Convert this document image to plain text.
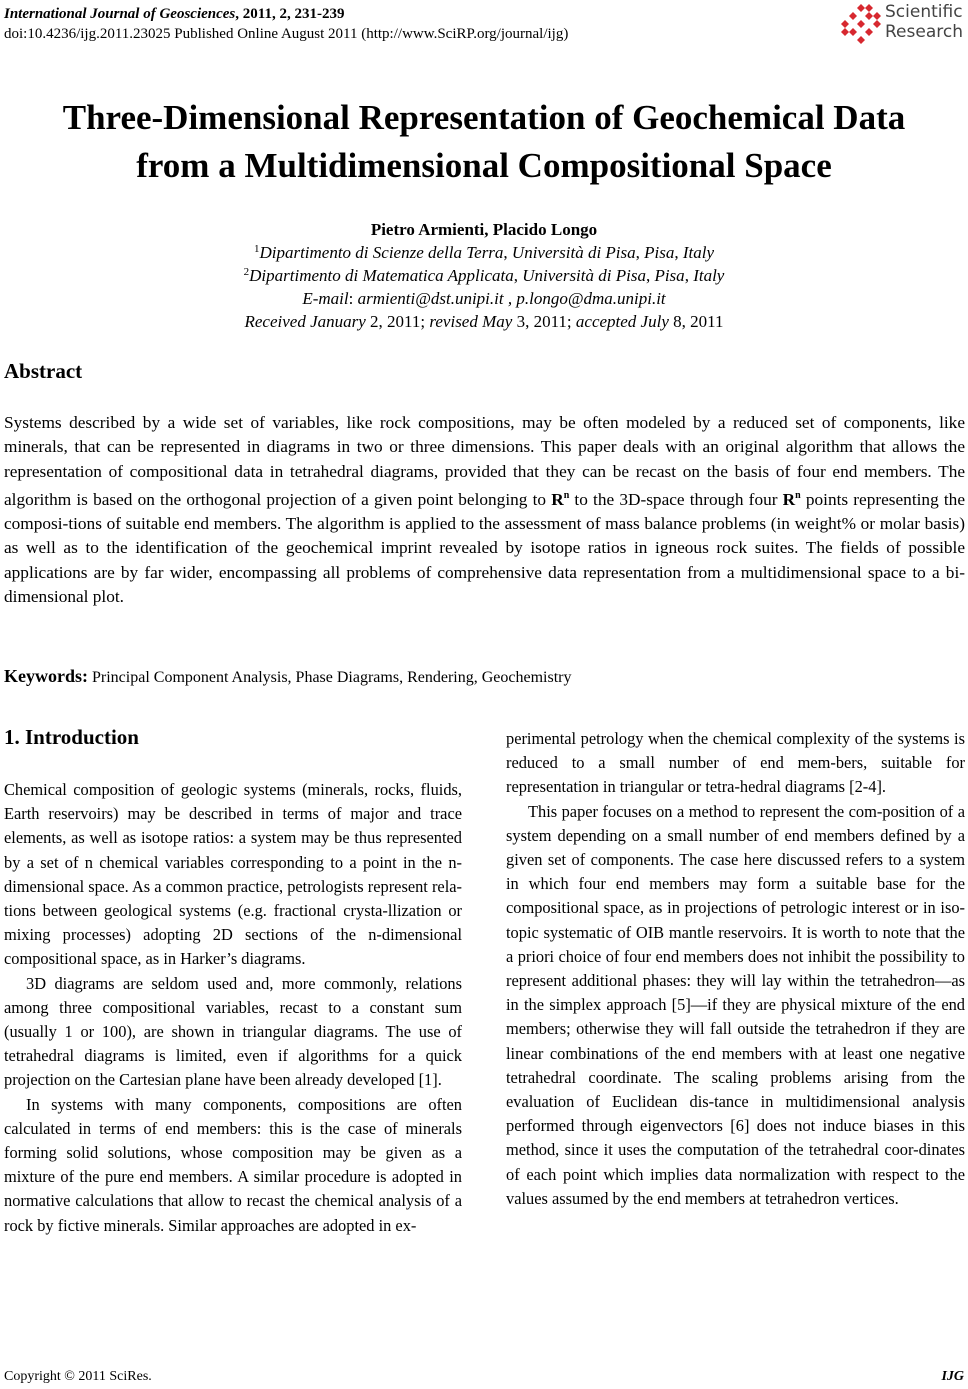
International Journal of Geosciences, 2011, 2, 231-239
doi:10.4236/ijg.2011.23025 Published Online August 2011 (http://www.SciRP.org/journal/ijg)
Scientific
Research
Three-Dimensional Representation of Geochemical Data
from a Multidimensional Compositional Space
Pietro Armienti, Placido Longo
$^1$Dipartimento di Scienze della Terra, Università di Pisa, Pisa, Italy
$^2$Dipartimento di Matematica Applicata, Università di Pisa, Pisa, Italy
E-mail: armienti@dst.unipi.it , p.longo@dma.unipi.it
Received January 2, 2011; revised May 3, 2011; accepted July 8, 2011
Abstract
Systems described by a wide set of variables, like rock compositions, may be often modeled by a reduced set of components, like minerals, that can be represented in diagrams in two or three dimensions. This paper deals with an original algorithm that allows the representation of compositional data in tetrahedral diagrams, provided that they can be recast on the basis of four end members. The algorithm is based on the orthogonal projection of a given point belonging to $R^n$ to the 3D-space through four $R^n$ points representing the composi-tions of suitable end members. The algorithm is applied to the assessment of mass balance problems (in weight% or molar basis) as well as to the identification of the geochemical imprint revealed by isotope ratios in igneous rock suites. The fields of possible applications are by far wider, encompassing all problems of comprehensive data representation from a multidimensional space to a bi-dimensional plot.
Keywords: Principal Component Analysis, Phase Diagrams, Rendering, Geochemistry
1. Introduction

Chemical composition of geologic systems (minerals, rocks, fluids, Earth reservoirs) may be described in terms of major and trace elements, as well as isotope ratios: a system may be thus represented by a set of n chemical variables corresponding to a point in the n-dimensional space. As a common practice, petrologists represent rela-tions between geological systems (e.g. fractional crysta-llization or mixing processes) adopting 2D sections of the n-dimensional compositional space, as in Harker’s diagrams.

3D diagrams are seldom used and, more commonly, relations among three compositional variables, recast to a constant sum (usually 1 or 100), are shown in triangular diagrams. The use of tetrahedral diagrams is limited, even if algorithms for a quick projection on the Cartesian plane have been already developed [1].

In systems with many components, compositions are often calculated in terms of end members: this is the case of minerals forming solid solutions, whose composition may be given as a mixture of the pure end members. A similar procedure is adopted in normative calculations that allow to recast the chemical analysis of a rock by fictive minerals. Similar approaches are adopted in ex-

perimental petrology when the chemical complexity of the systems is reduced to a small number of end mem-bers, suitable for representation in triangular or tetra-hedral diagrams [2-4].

This paper focuses on a method to represent the com-position of a system depending on a small number of end members defined by a given set of components. The case here discussed refers to a system in which four end members may form a suitable base for the compositional space, as in projections of petrologic interest or in iso-topic systematic of OIB mantle reservoirs. It is worth to note that the a priori choice of four end members does not inhibit the possibility to represent additional phases: they will lay within the tetrahedron—as in the simplex approach [5]—if they are physical mixture of the end members; otherwise they will fall outside the tetrahedron if they are linear combinations of the end members with at least one negative tetrahedral coordinate. The scaling problems arising from the evaluation of Euclidean dis-tance in multidimensional analysis performed through eigenvectors [6] does not induce biases in this method, since it uses the computation of the tetrahedral coor-dinates of each point which implies data normalization with respect to the values assumed by the end members at tetrahedron vertices.

Copyright © 2011 SciRes.	IJG
